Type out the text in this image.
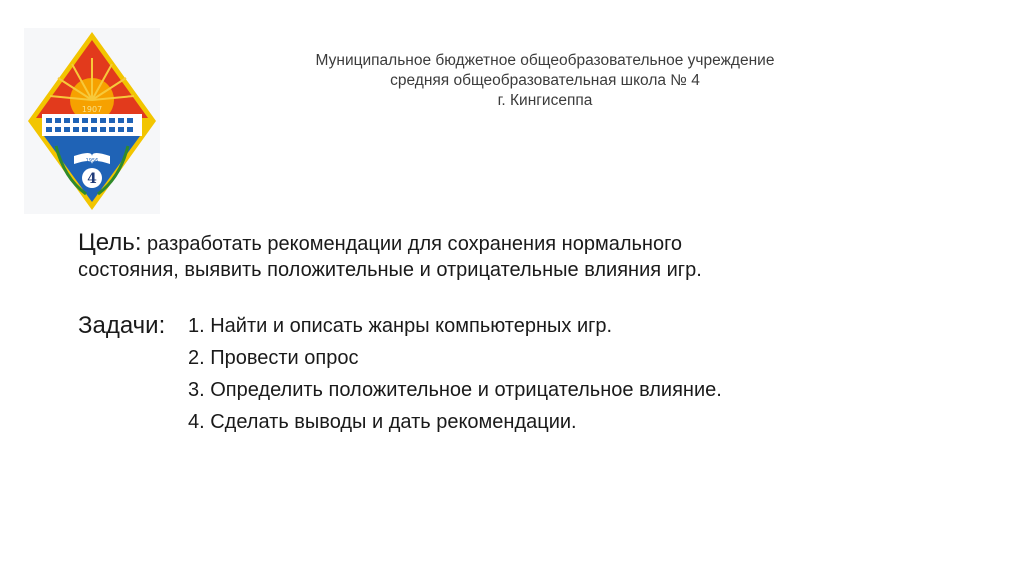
1907
1956
4
Муниципальное бюджетное общеобразовательное учреждение
средняя общеобразовательная школа № 4
г. Кингисеппа
Цель: разработать рекомендации для сохранения нормального
состояния, выявить положительные и отрицательные влияния игр.
Задачи: 1. Найти и описать жанры компьютерных игр.
2. Провести опрос
3. Определить положительное и отрицательное влияние.
4. Сделать выводы и дать рекомендации.
